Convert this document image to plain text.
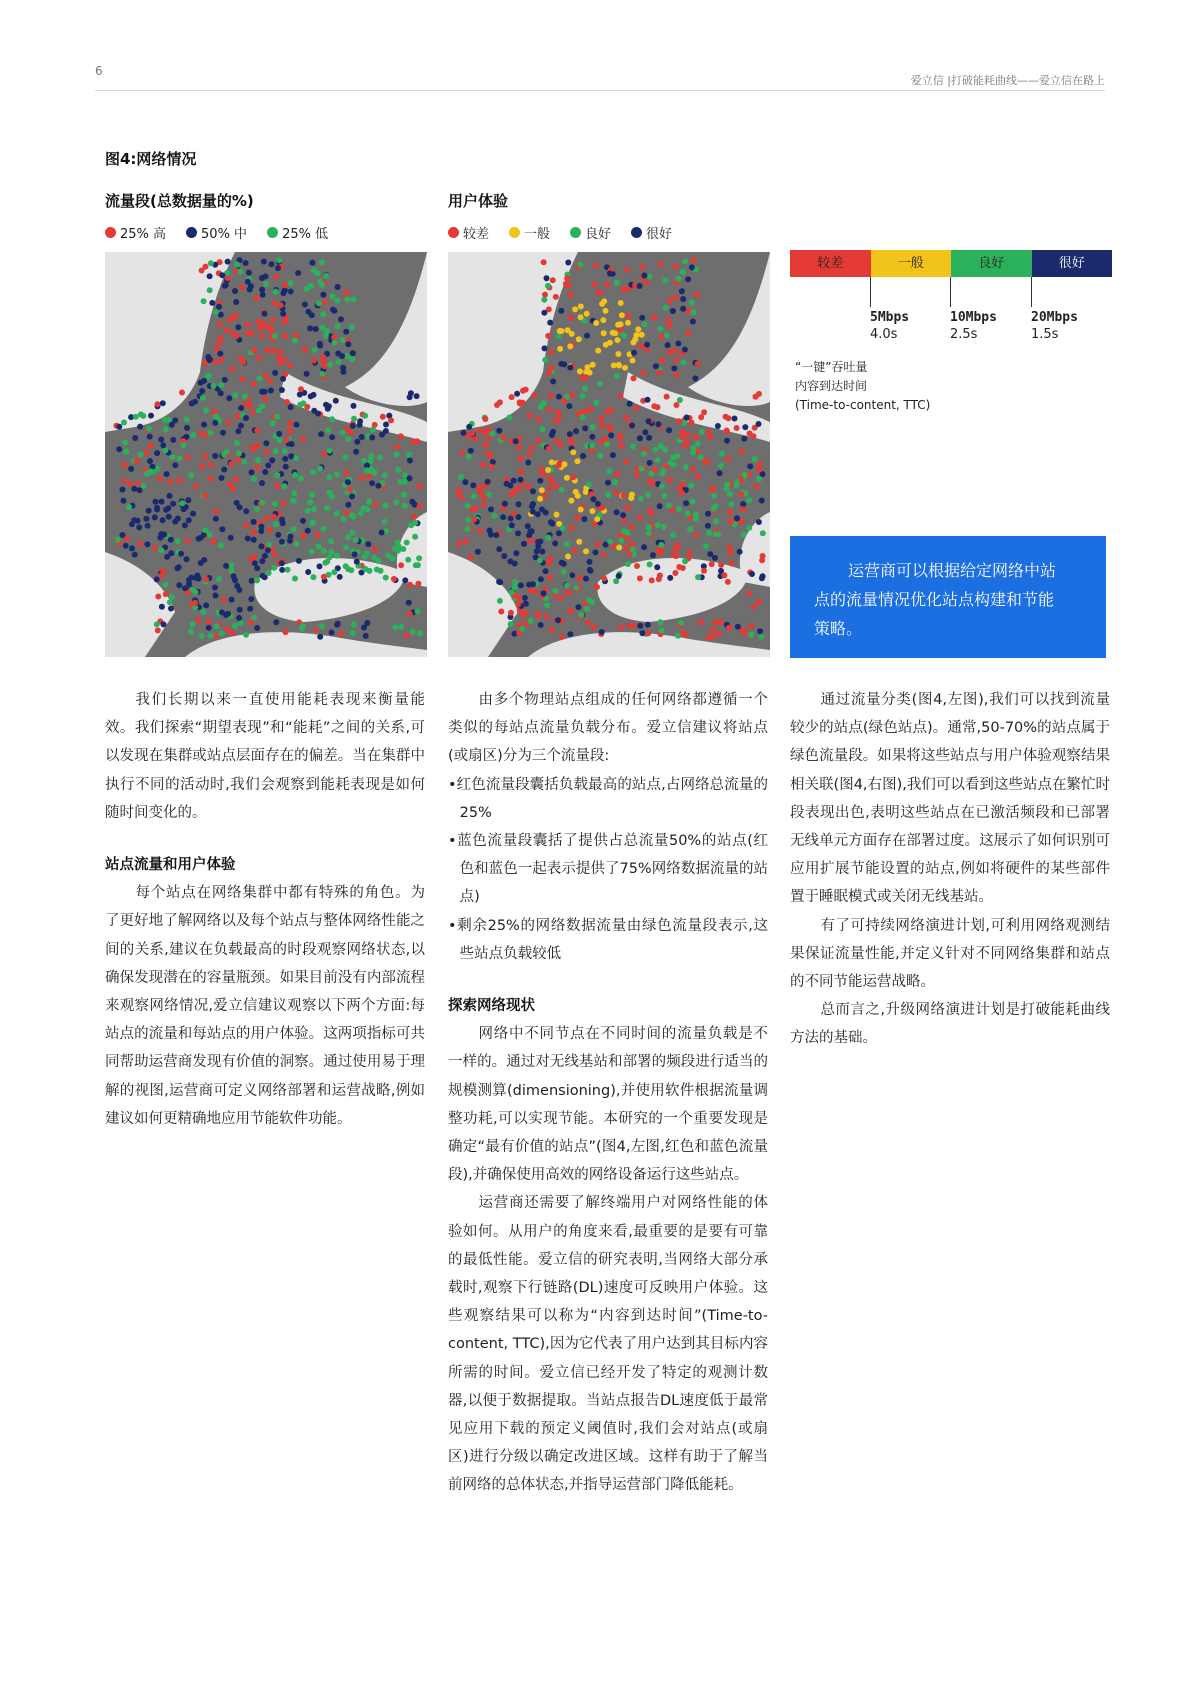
6
爱立信 |打破能耗曲线——爱立信在路上
图4:网络情况
流量段(总数据量的%)
25% 高	50% 中	25% 低
用户体验
较差	一般	良好	很好
较差	一般	良好	很好
5Mbps
4.0s
10Mbps
2.5s
20Mbps
1.5s
“一键”吞吐量
内容到达时间
(Time-to-content, TTC)
运营商可以根据给定网络中站
点的流量情况优化站点构建和节能
策略。

我们长期以来一直使用能耗表现来衡量能效。我们探索“期望表现”和“能耗”之间的关系,可以发现在集群或站点层面存在的偏差。当在集群中执行不同的活动时,我们会观察到能耗表现是如何随时间变化的。

站点流量和用户体验

每个站点在网络集群中都有特殊的角色。为了更好地了解网络以及每个站点与整体网络性能之间的关系,建议在负载最高的时段观察网络状态,以确保发现潜在的容量瓶颈。如果目前没有内部流程来观察网络情况,爱立信建议观察以下两个方面:每站点的流量和每站点的用户体验。这两项指标可共同帮助运营商发现有价值的洞察。通过使用易于理解的视图,运营商可定义网络部署和运营战略,例如建议如何更精确地应用节能软件功能。

由多个物理站点组成的任何网络都遵循一个类似的每站点流量负载分布。爱立信建议将站点(或扇区)分为三个流量段:

•红色流量段囊括负载最高的站点,占网络总流量的25%

•蓝色流量段囊括了提供占总流量50%的站点(红色和蓝色一起表示提供了75%网络数据流量的站点)

•剩余25%的网络数据流量由绿色流量段表示,这些站点负载较低

探索网络现状

网络中不同节点在不同时间的流量负载是不一样的。通过对无线基站和部署的频段进行适当的规模测算(dimensioning),并使用软件根据流量调整功耗,可以实现节能。本研究的一个重要发现是确定“最有价值的站点”(图4,左图,红色和蓝色流量段),并确保使用高效的网络设备运行这些站点。

运营商还需要了解终端用户对网络性能的体验如何。从用户的角度来看,最重要的是要有可靠的最低性能。爱立信的研究表明,当网络大部分承载时,观察下行链路(DL)速度可反映用户体验。这些观察结果可以称为“内容到达时间”(Time-to-content, TTC),因为它代表了用户达到其目标内容所需的时间。爱立信已经开发了特定的观测计数器,以便于数据提取。当站点报告DL速度低于最常见应用下载的预定义阈值时,我们会对站点(或扇区)进行分级以确定改进区域。这样有助于了解当前网络的总体状态,并指导运营部门降低能耗。

通过流量分类(图4,左图),我们可以找到流量较少的站点(绿色站点)。通常,50-70%的站点属于绿色流量段。如果将这些站点与用户体验观察结果相关联(图4,右图),我们可以看到这些站点在繁忙时段表现出色,表明这些站点在已激活频段和已部署无线单元方面存在部署过度。这展示了如何识别可应用扩展节能设置的站点,例如将硬件的某些部件置于睡眠模式或关闭无线基站。

有了可持续网络演进计划,可利用网络观测结果保证流量性能,并定义针对不同网络集群和站点的不同节能运营战略。

总而言之,升级网络演进计划是打破能耗曲线方法的基础。
